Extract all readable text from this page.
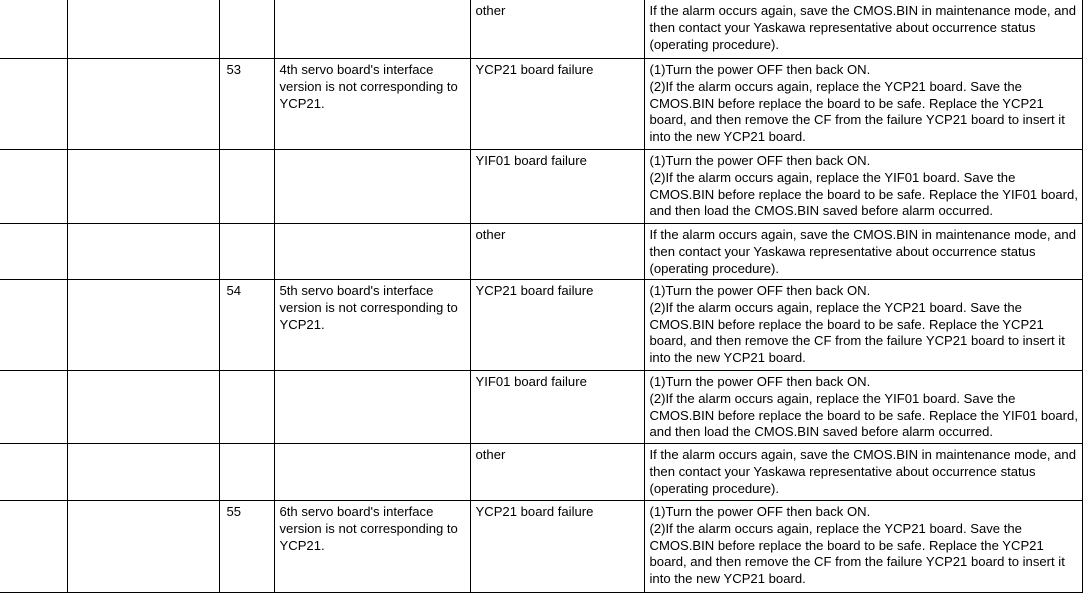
				other	If the alarm occurs again, save the CMOS.BIN in maintenance mode, and then contact your Yaskawa representative about occurrence status (operating procedure).
		53	4th servo board's interface version is not corresponding to YCP21.	YCP21 board failure	(1)Turn the power OFF then back ON.
(2)If the alarm occurs again, replace the YCP21 board. Save the CMOS.BIN before replace the board to be safe. Replace the YCP21 board, and then remove the CF from the failure YCP21 board to insert it into the new YCP21 board.
				YIF01 board failure	(1)Turn the power OFF then back ON.
(2)If the alarm occurs again, replace the YIF01 board. Save the CMOS.BIN before replace the board to be safe. Replace the YIF01 board, and then load the CMOS.BIN saved before alarm occurred.
				other	If the alarm occurs again, save the CMOS.BIN in maintenance mode, and then contact your Yaskawa representative about occurrence status (operating procedure).
		54	5th servo board's interface version is not corresponding to YCP21.	YCP21 board failure	(1)Turn the power OFF then back ON.
(2)If the alarm occurs again, replace the YCP21 board. Save the CMOS.BIN before replace the board to be safe. Replace the YCP21 board, and then remove the CF from the failure YCP21 board to insert it into the new YCP21 board.
				YIF01 board failure	(1)Turn the power OFF then back ON.
(2)If the alarm occurs again, replace the YIF01 board. Save the CMOS.BIN before replace the board to be safe. Replace the YIF01 board, and then load the CMOS.BIN saved before alarm occurred.
				other	If the alarm occurs again, save the CMOS.BIN in maintenance mode, and then contact your Yaskawa representative about occurrence status (operating procedure).
		55	6th servo board's interface version is not corresponding to YCP21.	YCP21 board failure	(1)Turn the power OFF then back ON.
(2)If the alarm occurs again, replace the YCP21 board. Save the CMOS.BIN before replace the board to be safe. Replace the YCP21 board, and then remove the CF from the failure YCP21 board to insert it into the new YCP21 board.
